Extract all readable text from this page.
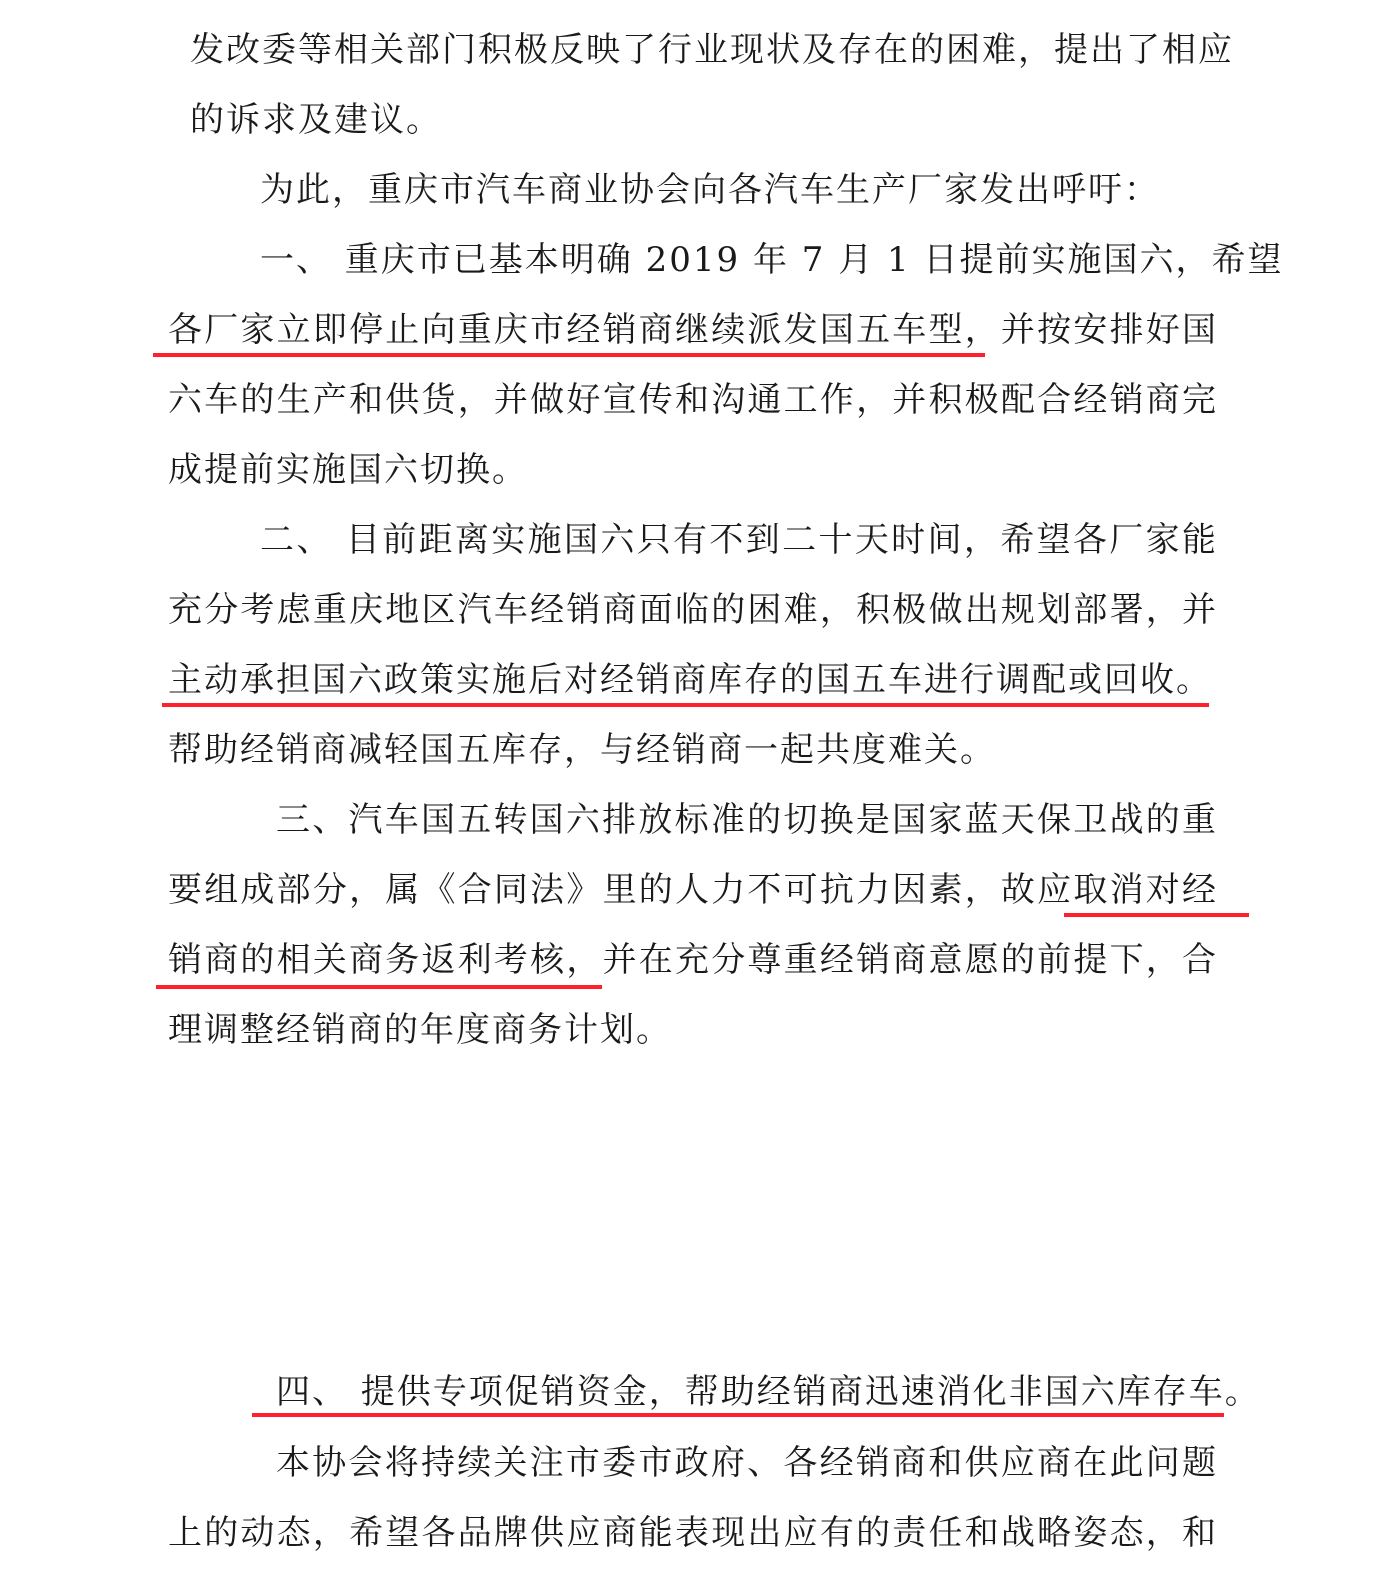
发改委等相关部门积极反映了行业现状及存在的困难，提出了相应

的诉求及建议。

为此，重庆市汽车商业协会向各汽车生产厂家发出呼吁：

一、 重庆市已基本明确 2019 年 7 月 1 日提前实施国六，希望

各厂家立即停止向重庆市经销商继续派发国五车型，并按安排好国

六车的生产和供货，并做好宣传和沟通工作，并积极配合经销商完

成提前实施国六切换。

二、 目前距离实施国六只有不到二十天时间，希望各厂家能

充分考虑重庆地区汽车经销商面临的困难，积极做出规划部署，并

主动承担国六政策实施后对经销商库存的国五车进行调配或回收。

帮助经销商减轻国五库存，与经销商一起共度难关。

三、汽车国五转国六排放标准的切换是国家蓝天保卫战的重

要组成部分，属《合同法》里的人力不可抗力因素，故应取消对经

销商的相关商务返利考核，并在充分尊重经销商意愿的前提下，合

理调整经销商的年度商务计划。

四、 提供专项促销资金，帮助经销商迅速消化非国六库存车。

本协会将持续关注市委市政府、各经销商和供应商在此问题

上的动态，希望各品牌供应商能表现出应有的责任和战略姿态，和
